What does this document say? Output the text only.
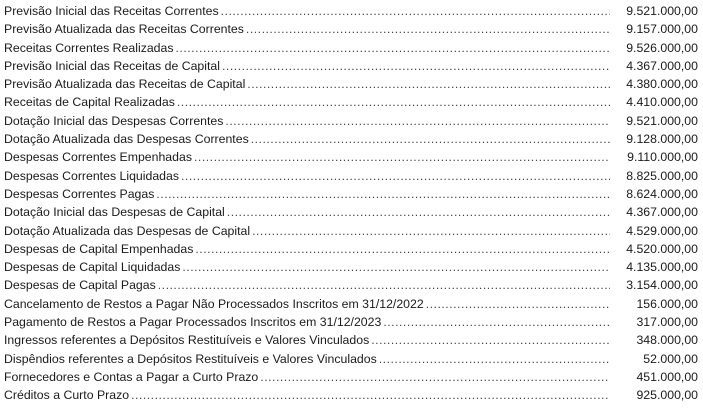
Previsão Inicial das Receitas Correntes .....	9.521.000,00
Previsão Atualizada das Receitas Correntes .....	9.157.000,00
Receitas Correntes Realizadas .....	9.526.000,00
Previsão Inicial das Receitas de Capital .....	4.367.000,00
Previsão Atualizada das Receitas de Capital .....	4.380.000,00
Receitas de Capital Realizadas .....	4.410.000,00
Dotação Inicial das Despesas Correntes .....	9.521.000,00
Dotação Atualizada das Despesas Correntes .....	9.128.000,00
Despesas Correntes Empenhadas .....	9.110.000,00
Despesas Correntes Liquidadas .....	8.825.000,00
Despesas Correntes Pagas .....	8.624.000,00
Dotação Inicial das Despesas de Capital .....	4.367.000,00
Dotação Atualizada das Despesas de Capital .....	4.529.000,00
Despesas de Capital Empenhadas .....	4.520.000,00
Despesas de Capital Liquidadas .....	4.135.000,00
Despesas de Capital Pagas .....	3.154.000,00
Cancelamento de Restos a Pagar Não Processados Inscritos em 31/12/2022 .....	156.000,00
Pagamento de Restos a Pagar Processados Inscritos em 31/12/2023 .....	317.000,00
Ingressos referentes a Depósitos Restituíveis e Valores Vinculados .....	348.000,00
Dispêndios referentes a Depósitos Restituíveis e Valores Vinculados .....	52.000,00
Fornecedores e Contas a Pagar a Curto Prazo .....	451.000,00
Créditos a Curto Prazo .....	925.000,00
